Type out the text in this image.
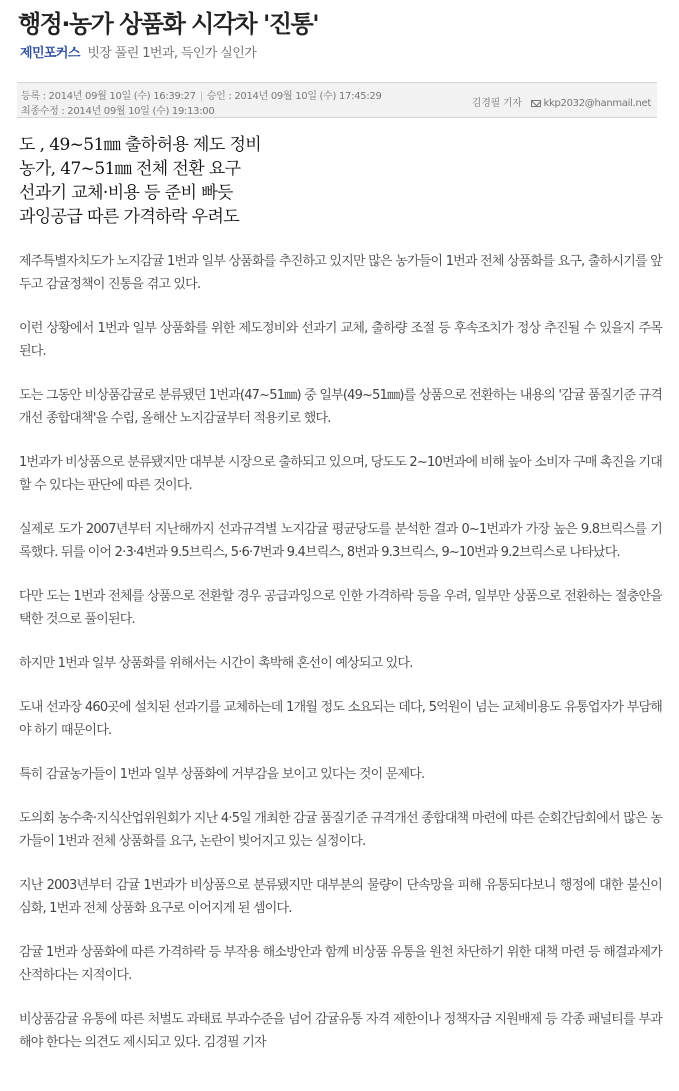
행정·농가 상품화 시각차 '진통'
제민포커스 빗장 풀린 1번과, 득인가 실인가
등록 : 2014년 09월 10일 (수) 16:39:27 | 승인 : 2014년 09월 10일 (수) 17:45:29
최종수정 : 2014년 09월 10일 (수) 19:13:00
김경필 기자 kkp2032@hanmail.net
도 , 49~51㎜ 출하허용 제도 정비
농가, 47~51㎜ 전체 전환 요구
선과기 교체·비용 등 준비 빠듯
과잉공급 따른 가격하락 우려도

제주특별자치도가 노지감귤 1번과 일부 상품화를 추진하고 있지만 많은 농가들이 1번과 전체 상품화를 요구, 출하시기를 앞두고 감귤정책이 진통을 겪고 있다.

이런 상황에서 1번과 일부 상품화를 위한 제도정비와 선과기 교체, 출하량 조절 등 후속조치가 정상 추진될 수 있을지 주목된다.

도는 그동안 비상품감귤로 분류됐던 1번과(47~51㎜) 중 일부(49~51㎜)를 상품으로 전환하는 내용의 '감귤 품질기준 규격개선 종합대책'을 수립, 올해산 노지감귤부터 적용키로 했다.

1번과가 비상품으로 분류됐지만 대부분 시장으로 출하되고 있으며, 당도도 2~10번과에 비해 높아 소비자 구매 촉진을 기대할 수 있다는 판단에 따른 것이다.

실제로 도가 2007년부터 지난해까지 선과규격별 노지감귤 평균당도를 분석한 결과 0~1번과가 가장 높은 9.8브릭스를 기록했다. 뒤를 이어 2·3·4번과 9.5브릭스, 5·6·7번과 9.4브릭스, 8번과 9.3브릭스, 9~10번과 9.2브릭스로 나타났다.

다만 도는 1번과 전체를 상품으로 전환할 경우 공급과잉으로 인한 가격하락 등을 우려, 일부만 상품으로 전환하는 절충안을 택한 것으로 풀이된다.

하지만 1번과 일부 상품화를 위해서는 시간이 촉박해 혼선이 예상되고 있다.

도내 선과장 460곳에 설치된 선과기를 교체하는데 1개월 정도 소요되는 데다, 5억원이 넘는 교체비용도 유통업자가 부담해야 하기 때문이다.

특히 감귤농가들이 1번과 일부 상품화에 거부감을 보이고 있다는 것이 문제다.

도의회 농수축·지식산업위원회가 지난 4·5일 개최한 감귤 품질기준 규격개선 종합대책 마련에 따른 순회간담회에서 많은 농가들이 1번과 전체 상품화를 요구, 논란이 빚어지고 있는 실정이다.

지난 2003년부터 감귤 1번과가 비상품으로 분류됐지만 대부분의 물량이 단속망을 피해 유통되다보니 행정에 대한 불신이 심화, 1번과 전체 상품화 요구로 이어지게 된 셈이다.

감귤 1번과 상품화에 따른 가격하락 등 부작용 해소방안과 함께 비상품 유통을 원천 차단하기 위한 대책 마련 등 해결과제가 산적하다는 지적이다.

비상품감귤 유통에 따른 처벌도 과태료 부과수준을 넘어 감귤유통 자격 제한이나 정책자금 지원배제 등 각종 패널티를 부과해야 한다는 의견도 제시되고 있다. 김경필 기자
